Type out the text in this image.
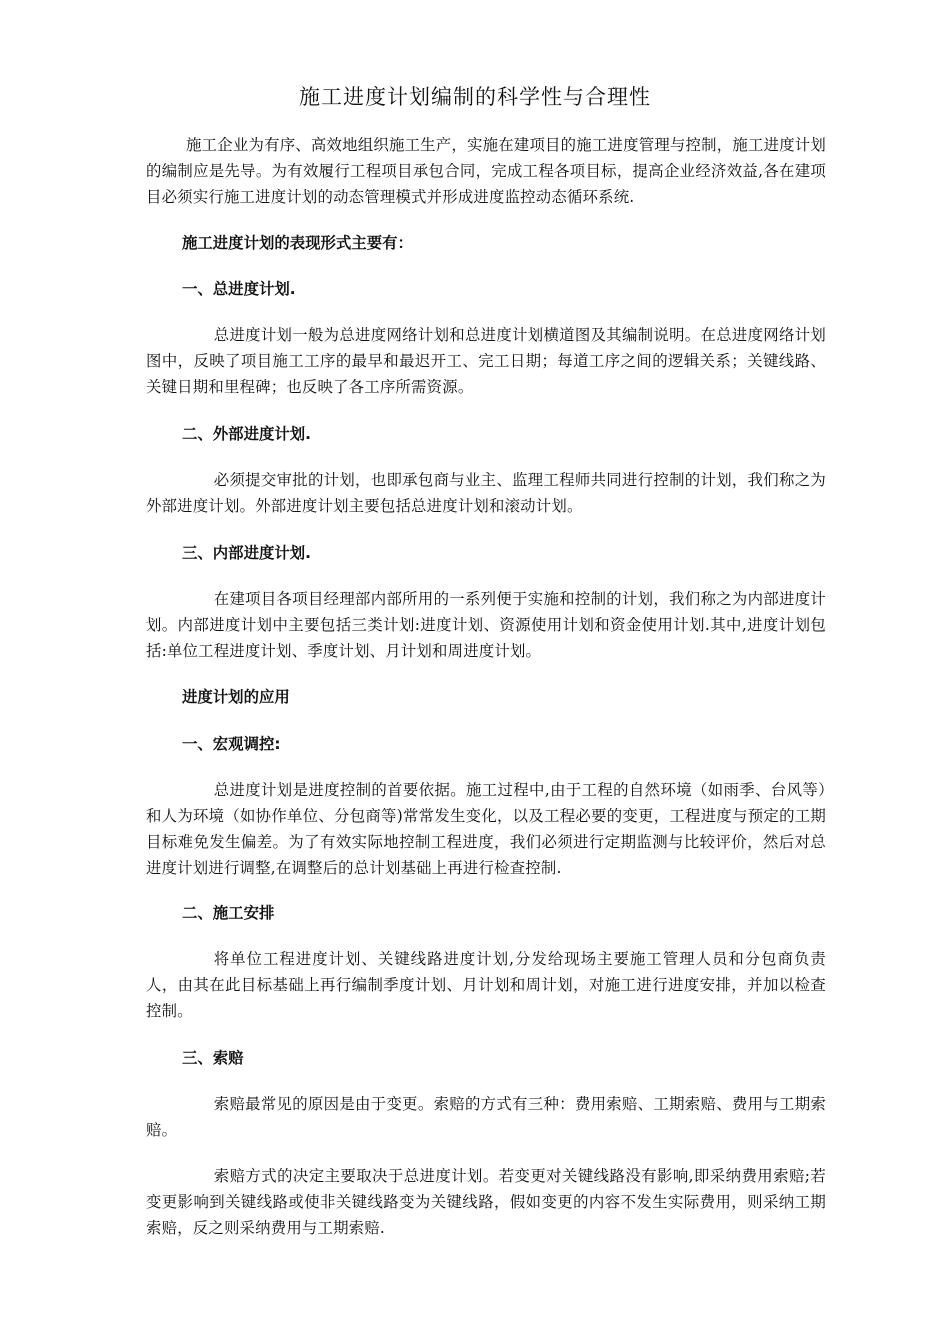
施工进度计划编制的科学性与合理性
施工企业为有序、高效地组织施工生产，实施在建项目的施工进度管理与控制，施工进度计划的编制应是先导。为有效履行工程项目承包合同，完成工程各项目标，提高企业经济效益,各在建项目必须实行施工进度计划的动态管理模式并形成进度监控动态循环系统.
施工进度计划的表现形式主要有：
一、总进度计划.
总进度计划一般为总进度网络计划和总进度计划横道图及其编制说明。在总进度网络计划图中，反映了项目施工工序的最早和最迟开工、完工日期；每道工序之间的逻辑关系；关键线路、关键日期和里程碑；也反映了各工序所需资源。
二、外部进度计划.
必须提交审批的计划，也即承包商与业主、监理工程师共同进行控制的计划，我们称之为外部进度计划。外部进度计划主要包括总进度计划和滚动计划。
三、内部进度计划.
在建项目各项目经理部内部所用的一系列便于实施和控制的计划，我们称之为内部进度计划。内部进度计划中主要包括三类计划:进度计划、资源使用计划和资金使用计划.其中,进度计划包括:单位工程进度计划、季度计划、月计划和周进度计划。
进度计划的应用
一、宏观调控:
总进度计划是进度控制的首要依据。施工过程中,由于工程的自然环境（如雨季、台风等）和人为环境（如协作单位、分包商等)常常发生变化，以及工程必要的变更，工程进度与预定的工期目标难免发生偏差。为了有效实际地控制工程进度，我们必须进行定期监测与比较评价，然后对总进度计划进行调整,在调整后的总计划基础上再进行检查控制.
二、施工安排
将单位工程进度计划、关键线路进度计划,分发给现场主要施工管理人员和分包商负责人，由其在此目标基础上再行编制季度计划、月计划和周计划，对施工进行进度安排，并加以检查控制。
三、索赔
索赔最常见的原因是由于变更。索赔的方式有三种：费用索赔、工期索赔、费用与工期索赔。
索赔方式的决定主要取决于总进度计划。若变更对关键线路没有影响,即采纳费用索赔;若变更影响到关键线路或使非关键线路变为关键线路，假如变更的内容不发生实际费用，则采纳工期索赔，反之则采纳费用与工期索赔.
